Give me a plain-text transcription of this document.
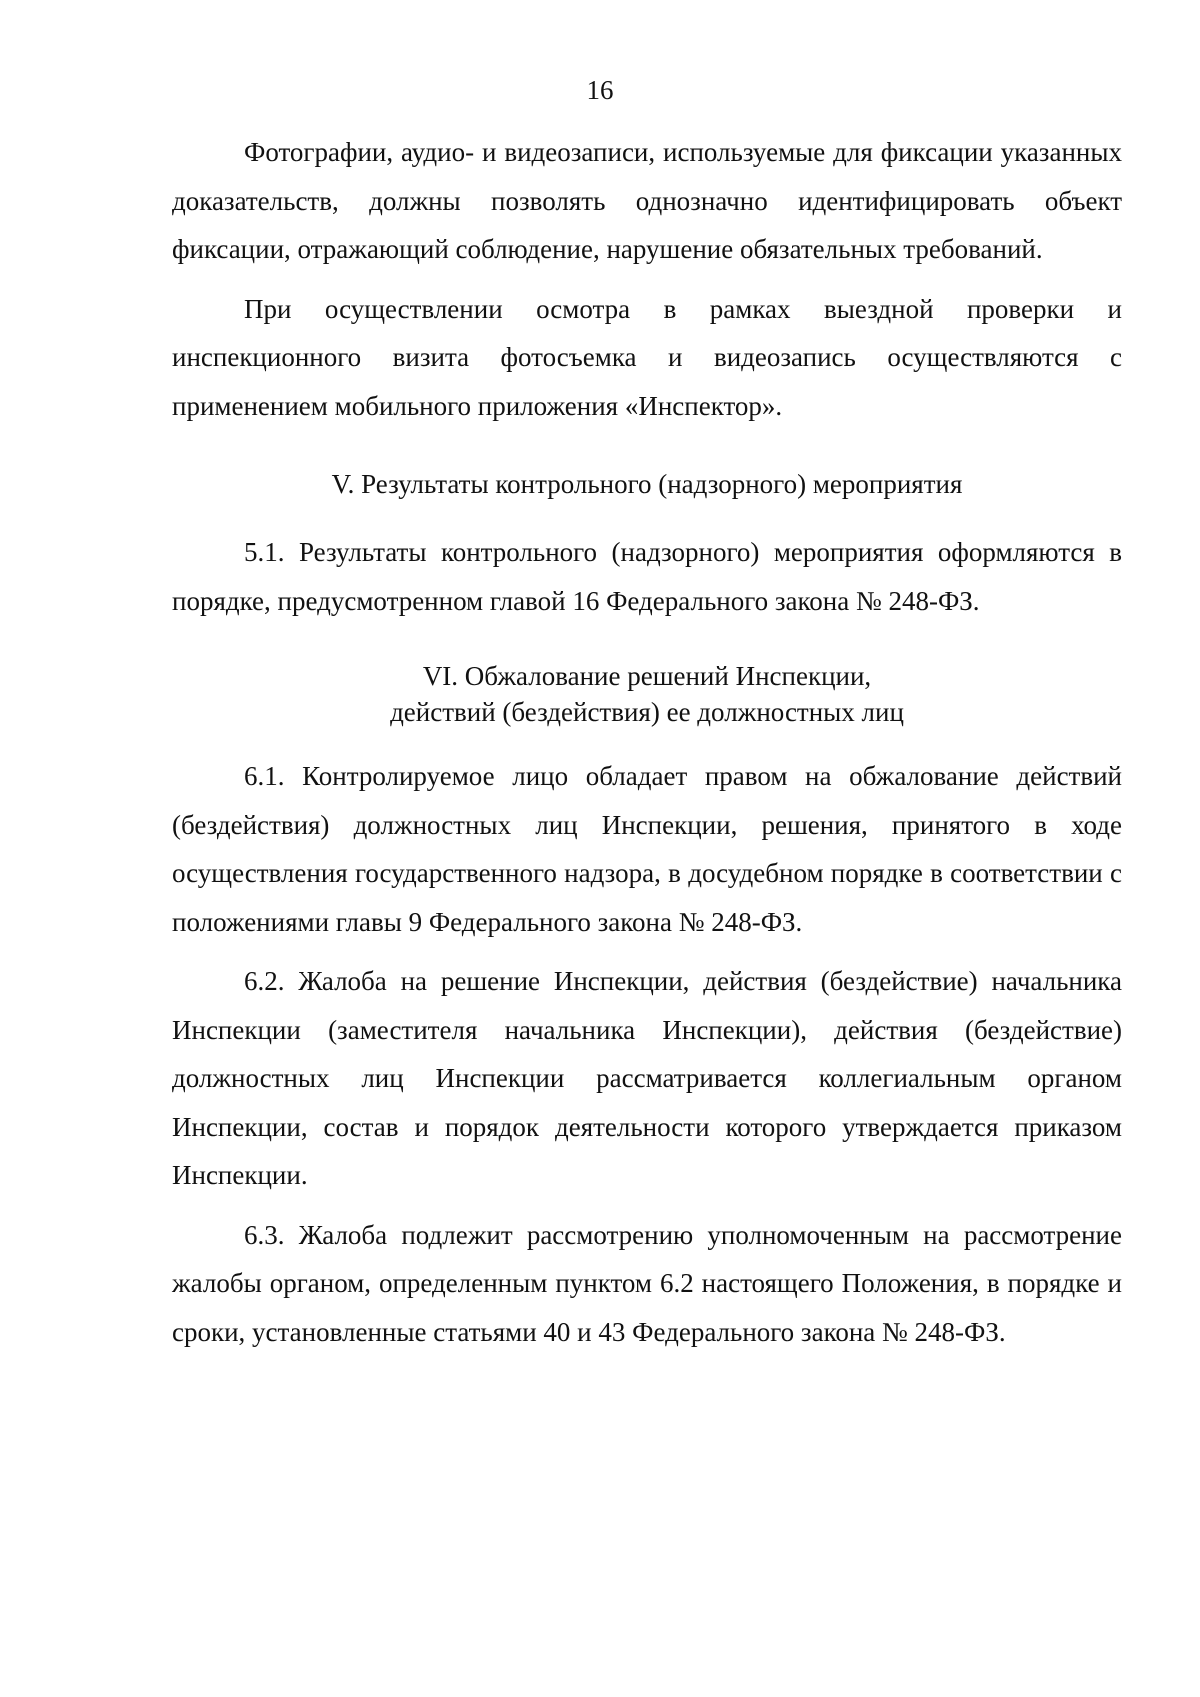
16

Фотографии, аудио- и видеозаписи, используемые для фиксации указанных доказательств, должны позволять однозначно идентифицировать объект фиксации, отражающий соблюдение, нарушение обязательных требований.

При осуществлении осмотра в рамках выездной проверки и инспекционного визита фотосъемка и видеозапись осуществляются с применением мобильного приложения «Инспектор».

V. Результаты контрольного (надзорного) мероприятия

5.1. Результаты контрольного (надзорного) мероприятия оформляются в порядке, предусмотренном главой 16 Федерального закона № 248-ФЗ.

VI. Обжалование решений Инспекции,
действий (бездействия) ее должностных лиц

6.1. Контролируемое лицо обладает правом на обжалование действий (бездействия) должностных лиц Инспекции, решения, принятого в ходе осуществления государственного надзора, в досудебном порядке в соответствии с положениями главы 9 Федерального закона № 248-ФЗ.

6.2. Жалоба на решение Инспекции, действия (бездействие) начальника Инспекции (заместителя начальника Инспекции), действия (бездействие) должностных лиц Инспекции рассматривается коллегиальным органом Инспекции, состав и порядок деятельности которого утверждается приказом Инспекции.

6.3. Жалоба подлежит рассмотрению уполномоченным на рассмотрение жалобы органом, определенным пунктом 6.2 настоящего Положения, в порядке и сроки, установленные статьями 40 и 43 Федерального закона № 248-ФЗ.
